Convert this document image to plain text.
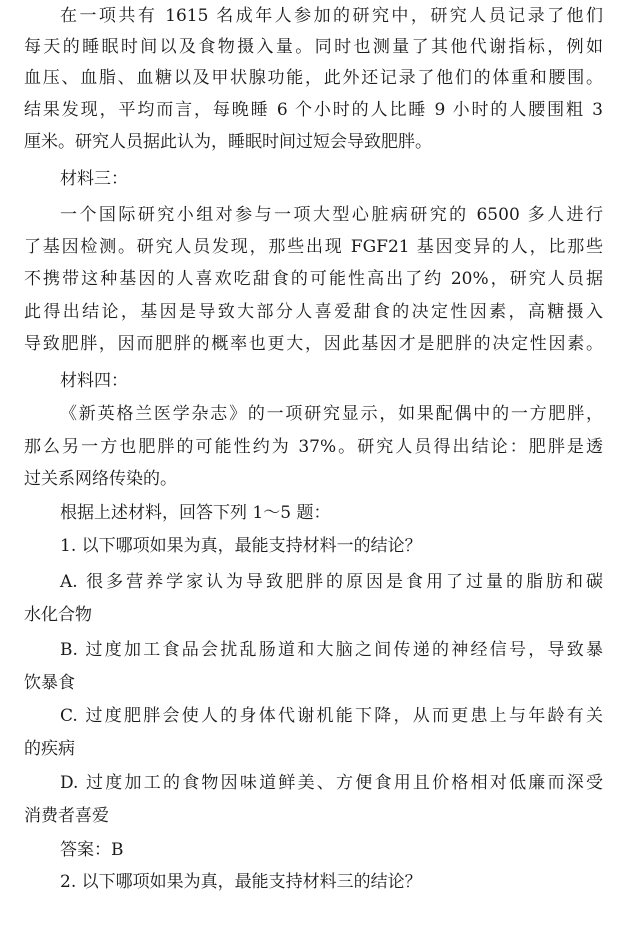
在一项共有 1615 名成年人参加的研究中，研究人员记录了他们
每天的睡眠时间以及食物摄入量。同时也测量了其他代谢指标，例如
血压、血脂、血糖以及甲状腺功能，此外还记录了他们的体重和腰围。
结果发现，平均而言，每晚睡 6 个小时的人比睡 9 小时的人腰围粗 3
厘米。研究人员据此认为，睡眠时间过短会导致肥胖。
材料三：
一个国际研究小组对参与一项大型心脏病研究的 6500 多人进行
了基因检测。研究人员发现，那些出现 FGF21 基因变异的人，比那些
不携带这种基因的人喜欢吃甜食的可能性高出了约 20%，研究人员据
此得出结论，基因是导致大部分人喜爱甜食的决定性因素，高糖摄入
导致肥胖，因而肥胖的概率也更大，因此基因才是肥胖的决定性因素。
材料四：
《新英格兰医学杂志》的一项研究显示，如果配偶中的一方肥胖，
那么另一方也肥胖的可能性约为 37%。研究人员得出结论：肥胖是透
过关系网络传染的。
根据上述材料，回答下列 1～5 题：
1. 以下哪项如果为真，最能支持材料一的结论？
A. 很多营养学家认为导致肥胖的原因是食用了过量的脂肪和碳
水化合物
B. 过度加工食品会扰乱肠道和大脑之间传递的神经信号，导致暴
饮暴食
C. 过度肥胖会使人的身体代谢机能下降，从而更患上与年龄有关
的疾病
D. 过度加工的食物因味道鲜美、方便食用且价格相对低廉而深受
消费者喜爱
答案：B
2. 以下哪项如果为真，最能支持材料三的结论？
